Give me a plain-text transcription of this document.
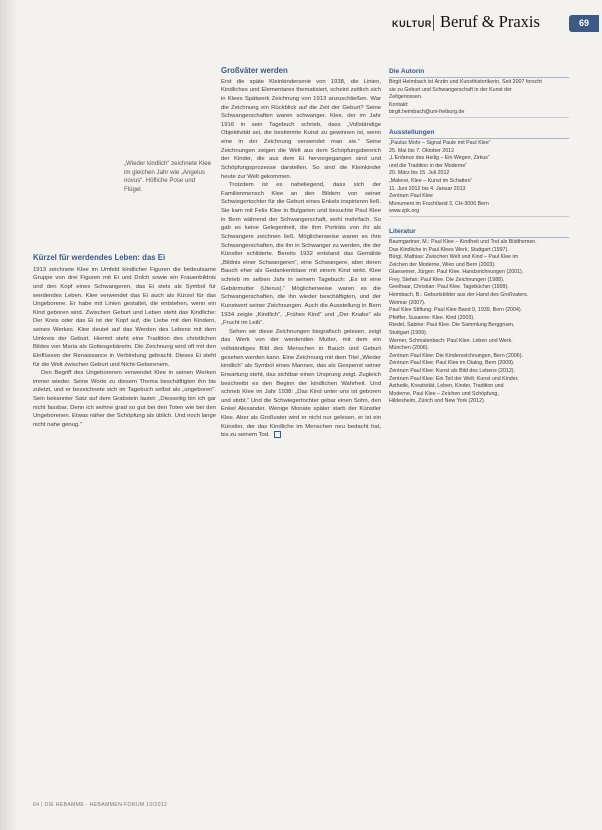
KULTUR Beruf & Praxis	69
„Wieder kindlich“ zeichnete Klee im gleichen Jahr wie „Angelus novus“. Höfliche Pose und Flügel.
Kürzel für werdendes Leben: das Ei

1913 zeichnete Klee im Umfeld kindlicher Figuren die bedeutsame Gruppe von drei Figuren mit Ei und Dolch sowie ein Frauenbildnis und den Kopf eines Schwangeren, das Ei stets als Symbol für werdendes Leben. Klee verwendet das Ei auch als Kürzel für das Ungeborene. Er habe mit Linien gestaltet, die entstehen, wenn ein Kind geboren wird. Zwischen Geburt und Leben steht das Kindliche: Der Kreis oder das Ei ist der Kopf auf, die Liebe mit den Kindern, seines Werkes. Klee deutet auf das Werden des Lebens mit dem Umkreis der Geburt. Hiermit steht eine Tradition des christlichen Bildes von Maria als Gottesgebärerin. Die Zeichnung wird oft mit den Einflüssen der Renaissance in Verbindung gebracht. Dieses Ei steht für die Welt zwischen Geburt und Nicht-Geborenem.

Den Begriff des Ungeborenen verwendet Klee in seinen Werken immer wieder. Seine Worte zu diesem Thema beschäftigten ihn bis zuletzt, und er bezeichnete sich im Tagebuch selbst als „ungeboren“. Sein bekannter Satz auf dem Grabstein lautet: „Diesseitig bin ich gar nicht fassbar. Denn ich wohne grad so gut bei den Toten wie bei den Ungeborenen. Etwas näher der Schöpfung als üblich. Und noch lange nicht nahe genug.“

Großväter werden

Erst die späte Kleinkinderserie von 1938, die Linien, Kindliches und Elementares thematisiert, scheint zeitlich sich in Klees Spätwerk Zeichnung von 1913 anzuschließen. War die Zeichnung ein Rückblick auf die Zeit der Geburt? Seine Schwangerschaften waren schwanger. Klee, der im Jahr 1916 in sein Tagebuch schrieb, dass „Vollständige Objektivität sei, die bestimmte Kunst zu gewinnen ist, wenn eine in der Zeichnung verwendet man sie.“ Seine Zeichnungen zeigen die Welt aus dem Schöpfungsbereich der Kinder, die aus dem Ei hervorgegangen sind und Schöpfungsprozesse darstellen. So sind die Kleinkinder heute zur Welt gekommen.

Trotzdem ist es naheliegend, dass sich der Familienmensch Klee an den Bildern von seiner Schwiegertochter für die Geburt eines Enkels inspirieren ließ. Sie kam mit Felix Klee in Bulgarien und besuchte Paul Klee in Bern während der Schwangerschaft, wohl mehrfach. So gab es keine Gelegenheit, die ihm Porträts von ihr als Schwangere zeichnen ließ. Möglicherweise waren es ihre Schwangerschaften, die ihn in Schwanger zu werden, die der Künstler schilderte. Bereits 1932 entstand das Gemälde „Bildnis einer Schwangeren“, eine Schwangere, aber deren Bauch eher als Gedankenblase mit einem Kind wirkt. Klee schrieb im selben Jahr in seinem Tagebuch: „Es ist eine Gebärmutter (Uterus).“ Möglicherweise waren es die Schwangerschaften, die ihn wieder beschäftigten, und der Kunstwert seiner Zeichnungen. Auch die Ausstellung in Bern 1934 zeigte „Kindlich“, „Frühes Kind“ und „Der Knabe“ als „Frucht im Leib“.

Sehen wir diese Zeichnungen biografisch gelesen, zeigt das Werk von der werdenden Mutter, mit dem ein vollständiges Bild des Menschen in Bauch und Geburt gesehen werden kann. Eine Zeichnung mit dem Titel „Wieder kindlich“ als Symbol eines Mannes, das als Gespenst seiner Erwartung steht, das sichtbar einen Ursprung zeigt. Zugleich beschreibt es den Beginn der kindlichen Wahrheit. Und schrieb Klee im Jahr 1938: „Das Kind unter uns ist geboren und stirbt.“ Und die Schwiegertochter gebar einen Sohn, den Enkel Alexander. Wenige Monate später starb der Künstler Klee. Aber als Großvater wird er nicht nur gelesen, er ist ein Künstler, der das Kindliche im Menschen neu bedacht hat, bis zu seinem Tod.

Die Autorin
Birgit Heimbach ist Ärztin und Kunsthistorikerin. Seit 2007 forscht
sie zu Geburt und Schwangerschaft in der Kunst der
Zeitgenossen.
Kontakt:
birgit.heimbach@uni-freiburg.de
Ausstellungen
„Paulus Mohr – Signal Paule mit Paul Klee“
25. Mai bis 7. Oktober 2012
„L'Enfance des Heilig – Ein Wegen, Zirkus“
und die Tradition in der Moderne“
20. März bis 15. Juli 2012
„Malerei, Klee – Kunst im Schatten“
11. Juni 2012 bis 4. Januar 2013
Zentrum Paul Klee
Monument im Fruchtland 3, CH-3006 Bern
www.zpk.org
Literatur
Baumgartner, M.: Paul Klee – Kindheit und Tod als Bildthemen.
Das Kindliche in Paul Klees Werk, Stuttgart (1997).
Bürgi, Mathias: Zwischen Welt und Kind – Paul Klee im
Zeichen der Moderne, Wien und Bern (2003).
Glaesemer, Jürgen: Paul Klee. Handzeichnungen (2001).
Frey, Stefan: Paul Klee. Die Zeichnungen (1988).
Geelhaar, Christian: Paul Klee. Tagebücher (1999).
Heimbach, B.: Geburtsbilder aus der Hand des Großvaters.
Weimar (2007).
Paul Klee Stiftung: Paul Klee Band 9, 1939, Bern (2004).
Pfeiffer, Susanne: Klee. Kind (2003).
Riedel, Sabine: Paul Klee. Die Sammlung Berggruen,
Stuttgart (1999).
Werner, Schmalenbach: Paul Klee. Leben und Werk.
München (2006).
Zentrum Paul Klee: Die Kinderzeichnungen, Bern (2006).
Zentrum Paul Klee: Paul Klee im Dialog, Bern (2009).
Zentrum Paul Klee: Kunst als Bild des Lebens (2012).
Zentrum Paul Klee: Ein Teil der Welt: Kunst und Kinder,
Ästhetik, Kreativität, Leben, Kinder, Tradition und
Moderne, Paul Klee – Zeichen und Schöpfung,
Hildesheim, Zürich und New York (2012).
64 | DIE HEBAMME · HEBAMMEN-FORUM 10/2012
